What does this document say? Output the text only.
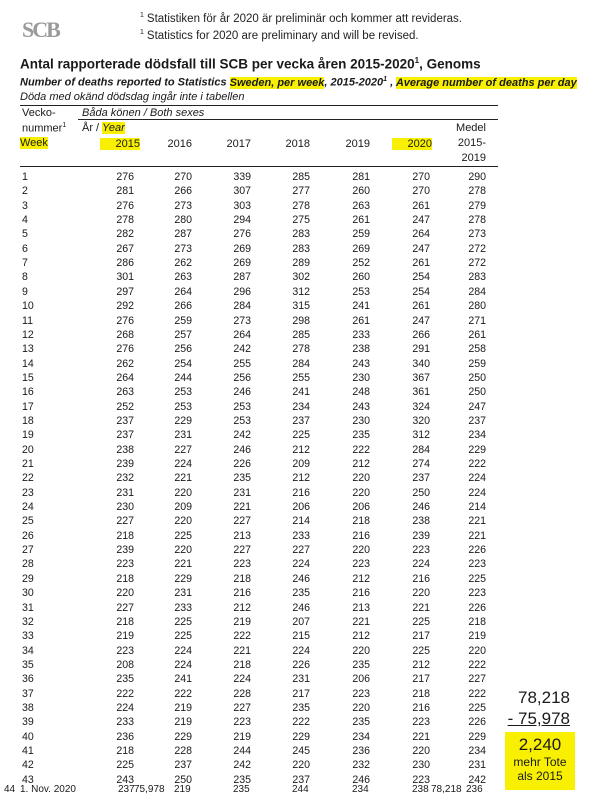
SCB
$^1$ Statistiken för år 2020 är preliminär och kommer att revideras.
$^1$ Statistics for 2020 are preliminary and will be revised.
Antal rapporterade dödsfall till SCB per vecka åren 2015-2020$^1$, Genoms
Number of deaths reported to Statistics Sweden, per week, 2015-2020$^1$ , Average number of deaths per day
Döda med okänd dödsdag ingår inte i tabellen
Vecko-
nummer$^1$
Week
Båda könen / Both sexes
År / Year	Medel
2015-
2019
2015	2016	2017	2018	2019	2020
1	276	270	339	285	281	270	290
2	281	266	307	277	260	270	278
3	276	273	303	278	263	261	279
4	278	280	294	275	261	247	278
5	282	287	276	283	259	264	273
6	267	273	269	283	269	247	272
7	286	262	269	289	252	261	272
8	301	263	287	302	260	254	283
9	297	264	296	312	253	254	284
10	292	266	284	315	241	261	280
11	276	259	273	298	261	247	271
12	268	257	264	285	233	266	261
13	276	256	242	278	238	291	258
14	262	254	255	284	243	340	259
15	264	244	256	255	230	367	250
16	263	253	246	241	248	361	250
17	252	253	253	234	243	324	247
18	237	229	253	237	230	320	237
19	237	231	242	225	235	312	234
20	238	227	246	212	222	284	229
21	239	224	226	209	212	274	222
22	232	221	235	212	220	237	224
23	231	220	231	216	220	250	224
24	230	209	221	206	206	246	214
25	227	220	227	214	218	238	221
26	218	225	213	233	216	239	221
27	239	220	227	227	220	223	226
28	223	221	223	224	223	224	223
29	218	229	218	246	212	216	225
30	220	231	216	235	216	220	223
31	227	233	212	246	213	221	226
32	218	225	219	207	221	225	218
33	219	225	222	215	212	217	219
34	223	224	221	224	220	225	220
35	208	224	218	226	235	212	222
36	235	241	224	231	206	217	227
37	222	222	228	217	223	218	222
38	224	219	227	235	220	216	225
39	233	219	223	222	235	223	226
40	236	229	219	229	234	221	229
41	218	228	244	245	236	220	234
42	225	237	242	220	232	230	231
43	243	250	235	237	246	223	242
44 1. Nov. 2020	237 75,978 219	235	244	234	238 78,218 236
78,218
- 75,978
2,240
mehr Tote
als 2015
